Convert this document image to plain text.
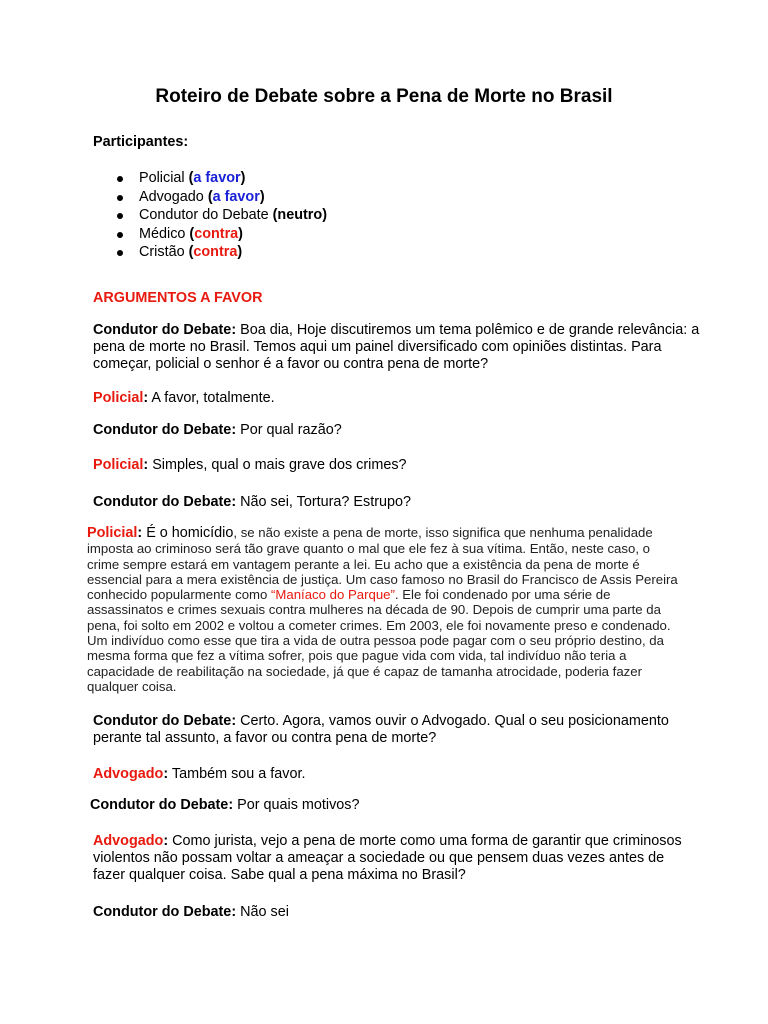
Roteiro de Debate sobre a Pena de Morte no Brasil

Participantes:

Policial (a favor)
Advogado (a favor)
Condutor do Debate (neutro)
Médico (contra)
Cristão (contra)

ARGUMENTOS A FAVOR

Condutor do Debate: Boa dia, Hoje discutiremos um tema polêmico e de grande relevância: a pena de morte no Brasil. Temos aqui um painel diversificado com opiniões distintas. Para começar, policial o senhor é a favor ou contra pena de morte?

Policial: A favor, totalmente.

Condutor do Debate: Por qual razão?

Policial: Simples, qual o mais grave dos crimes?

Condutor do Debate: Não sei, Tortura? Estrupo?

Policial: É o homicídio, se não existe a pena de morte, isso significa que nenhuma penalidade imposta ao criminoso será tão grave quanto o mal que ele fez à sua vítima. Então, neste caso, o crime sempre estará em vantagem perante a lei. Eu acho que a existência da pena de morte é essencial para a mera existência de justiça. Um caso famoso no Brasil do Francisco de Assis Pereira conhecido popularmente como “Maníaco do Parque”. Ele foi condenado por uma série de assassinatos e crimes sexuais contra mulheres na década de 90. Depois de cumprir uma parte da pena, foi solto em 2002 e voltou a cometer crimes. Em 2003, ele foi novamente preso e condenado. Um indivíduo como esse que tira a vida de outra pessoa pode pagar com o seu próprio destino, da mesma forma que fez a vítima sofrer, pois que pague vida com vida, tal indivíduo não teria a capacidade de reabilitação na sociedade, já que é capaz de tamanha atrocidade, poderia fazer qualquer coisa.

Condutor do Debate: Certo. Agora, vamos ouvir o Advogado. Qual o seu posicionamento perante tal assunto, a favor ou contra pena de morte?

Advogado: Também sou a favor.

Condutor do Debate: Por quais motivos?

Advogado: Como jurista, vejo a pena de morte como uma forma de garantir que criminosos violentos não possam voltar a ameaçar a sociedade ou que pensem duas vezes antes de fazer qualquer coisa. Sabe qual a pena máxima no Brasil?

Condutor do Debate: Não sei
